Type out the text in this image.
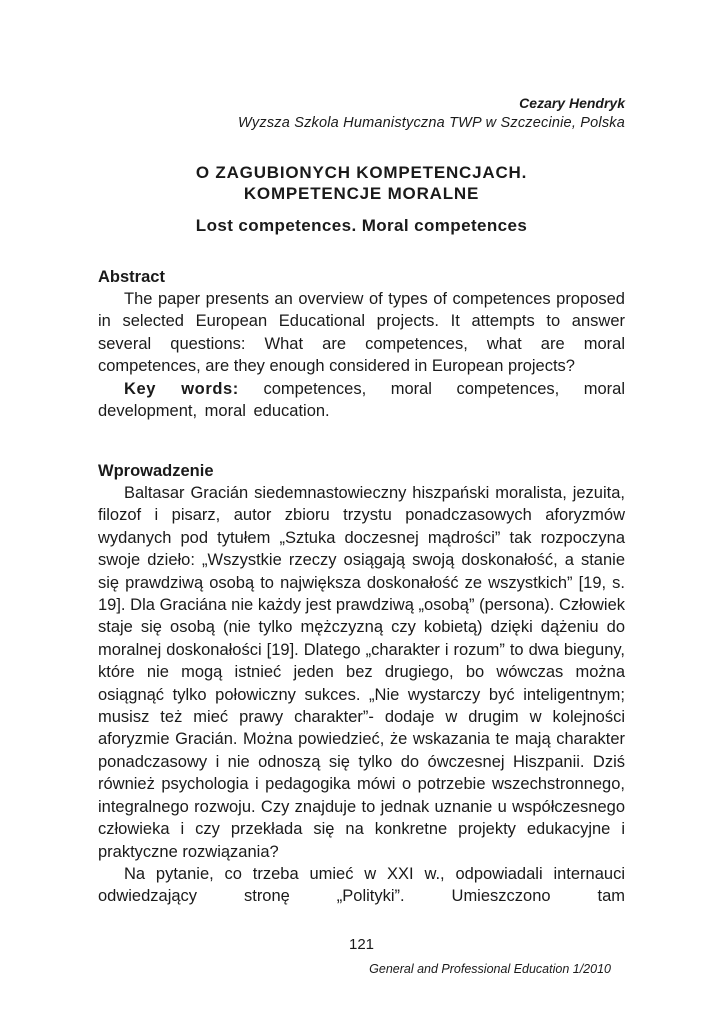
Cezary Hendryk
Wyzsza Szkola Humanistyczna TWP w Szczecinie, Polska
O ZAGUBIONYCH KOMPETENCJACH.
KOMPETENCJE MORALNE
Lost competences. Moral competences
Abstract

The paper presents an overview of types of competences proposed in selected European Educational projects. It attempts to answer several questions: What are competences, what are moral competences, are they enough considered in European projects?

Key words: competences, moral competences, moral development, moral education.

Wprowadzenie

Baltasar Gracián siedemnastowieczny hiszpański moralista, jezuita, filozof i pisarz, autor zbioru trzystu ponadczasowych aforyzmów wydanych pod tytułem „Sztuka doczesnej mądrości” tak rozpoczyna swoje dzieło: „Wszystkie rzeczy osiągają swoją doskonałość, a stanie się prawdziwą osobą to największa doskonałość ze wszystkich” [19, s. 19]. Dla Graciána nie każdy jest prawdziwą „osobą” (persona). Człowiek staje się osobą (nie tylko mężczyzną czy kobietą) dzięki dążeniu do moralnej doskonałości [19]. Dlatego „charakter i rozum” to dwa bieguny, które nie mogą istnieć jeden bez drugiego, bo wówczas można osiągnąć tylko połowiczny sukces. „Nie wystarczy być inteligentnym; musisz też mieć prawy charakter”- dodaje w drugim w kolejności aforyzmie Gracián. Można powiedzieć, że wskazania te mają charakter ponadczasowy i nie odnoszą się tylko do ówczesnej Hiszpanii. Dziś również psychologia i pedagogika mówi o potrzebie wszechstronnego, integralnego rozwoju. Czy znajduje to jednak uznanie u współczesnego człowieka i czy przekłada się na konkretne projekty edukacyjne i praktyczne rozwiązania?

Na pytanie, co trzeba umieć w XXI w., odpowiadali internauci odwiedzający stronę „Polityki”. Umieszczono tam

121
General and Professional Education 1/2010
